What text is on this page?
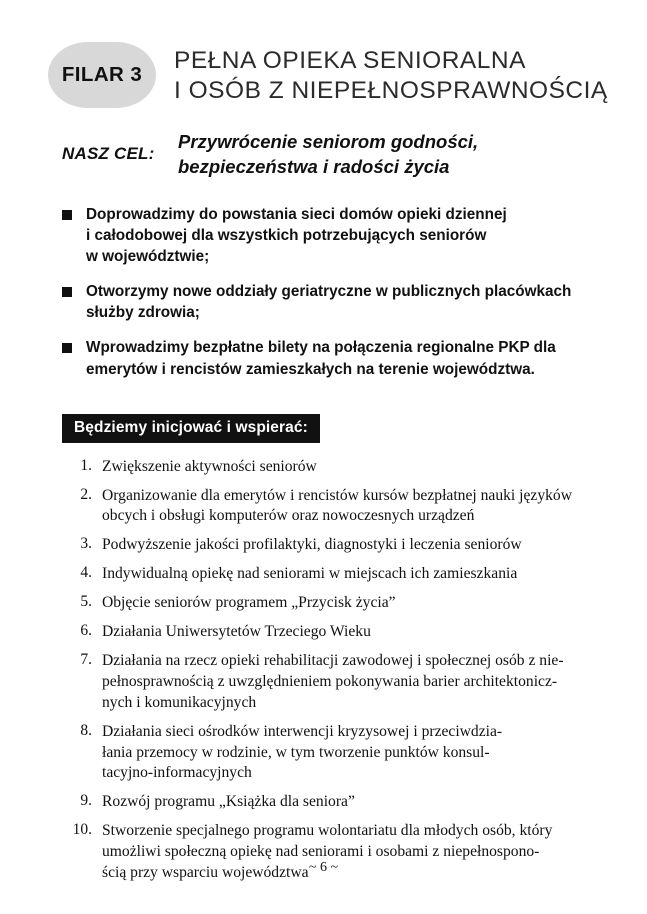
FILAR 3
PEŁNA OPIEKA SENIORALNA
I OSÓB Z NIEPEŁNOSPRAWNOŚCIĄ
NASZ CEL:
Przywrócenie seniorom godności,
bezpieczeństwa i radości życia
Doprowadzimy do powstania sieci domów opieki dziennej
i całodobowej dla wszystkich potrzebujących seniorów
w województwie;
Otworzymy nowe oddziały geriatryczne w publicznych placówkach
służby zdrowia;
Wprowadzimy bezpłatne bilety na połączenia regionalne PKP dla
emerytów i rencistów zamieszkałych na terenie województwa.
Będziemy inicjować i wspierać:
1. Zwiększenie aktywności seniorów
2. Organizowanie dla emerytów i rencistów kursów bezpłatnej nauki języków
obcych i obsługi komputerów oraz nowoczesnych urządzeń
3. Podwyższenie jakości profilaktyki, diagnostyki i leczenia seniorów
4. Indywidualną opiekę nad seniorami w miejscach ich zamieszkania
5. Objęcie seniorów programem „Przycisk życia”
6. Działania Uniwersytetów Trzeciego Wieku
7. Działania na rzecz opieki rehabilitacji zawodowej i społecznej osób z nie-
pełnosprawnością z uwzględnieniem pokonywania barier architektonicz-
nych i komunikacyjnych
8. Działania sieci ośrodków interwencji kryzysowej i przeciwdzia-
łania przemocy w rodzinie, w tym tworzenie punktów konsul-
tacyjno-informacyjnych
9. Rozwój programu „Książka dla seniora”
10. Stworzenie specjalnego programu wolontariatu dla młodych osób, który
umożliwi społeczną opiekę nad seniorami i osobami z niepełnospono-
ścią przy wsparciu województwa ~ 6 ~
